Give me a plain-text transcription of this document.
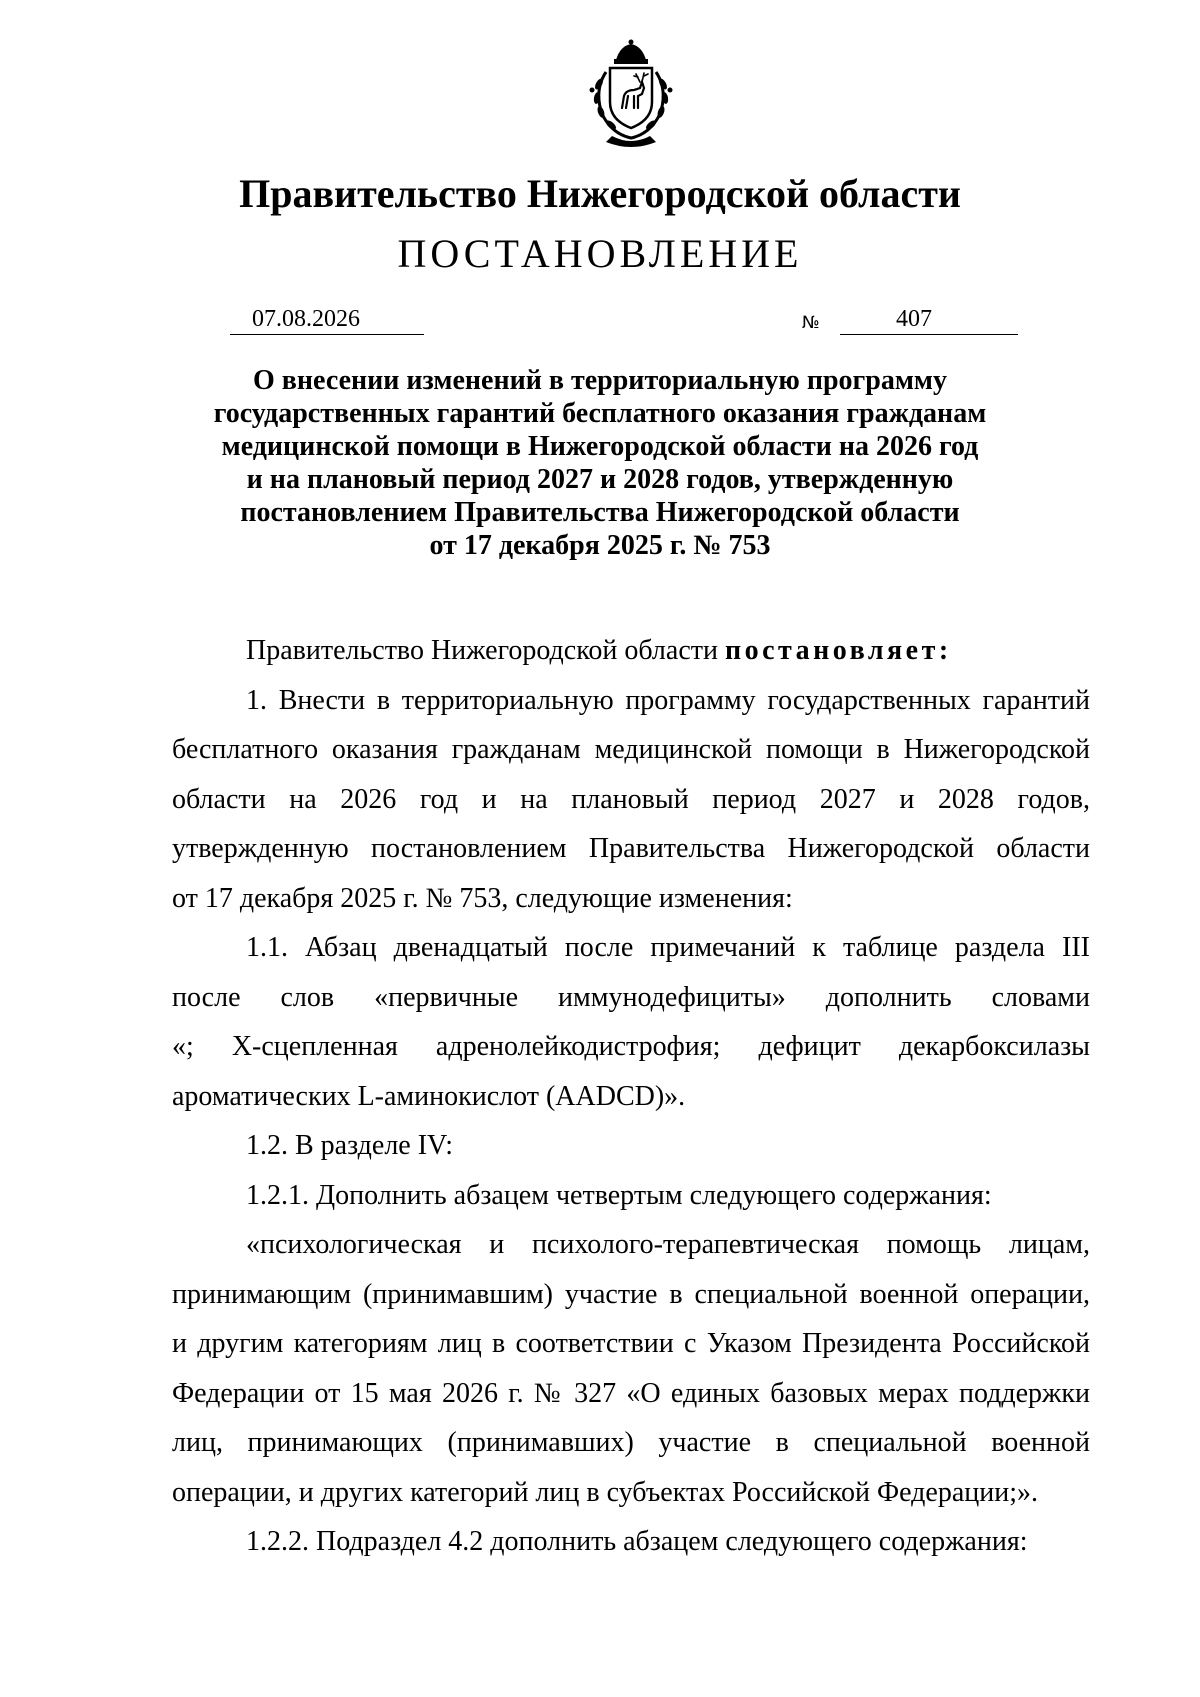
Правительство Нижегородской области
ПОСТАНОВЛЕНИЕ
07.08.2026	№	407
О внесении изменений в территориальную программу
государственных гарантий бесплатного оказания гражданам
медицинской помощи в Нижегородской области на 2026 год
и на плановый период 2027 и 2028 годов, утвержденную
постановлением Правительства Нижегородской области
от 17 декабря 2025 г. № 753

Правительство Нижегородской области постановляет:

1. Внести в территориальную программу государственных гарантий

бесплатного оказания гражданам медицинской помощи в Нижегородской

области на 2026 год и на плановый период 2027 и 2028 годов,

утвержденную постановлением Правительства Нижегородской области

от 17 декабря 2025 г. № 753, следующие изменения:

1.1. Абзац двенадцатый после примечаний к таблице раздела III

после слов «первичные иммунодефициты» дополнить словами

«; X-сцепленная адренолейкодистрофия; дефицит декарбоксилазы

ароматических L-аминокислот (AADCD)».

1.2. В разделе IV:

1.2.1. Дополнить абзацем четвертым следующего содержания:

«психологическая и психолого-терапевтическая помощь лицам,

принимающим (принимавшим) участие в специальной военной операции,

и другим категориям лиц в соответствии с Указом Президента Российской

Федерации от 15 мая 2026 г. № 327 «О единых базовых мерах поддержки

лиц, принимающих (принимавших) участие в специальной военной

операции, и других категорий лиц в субъектах Российской Федерации;».

1.2.2. Подраздел 4.2 дополнить абзацем следующего содержания:
